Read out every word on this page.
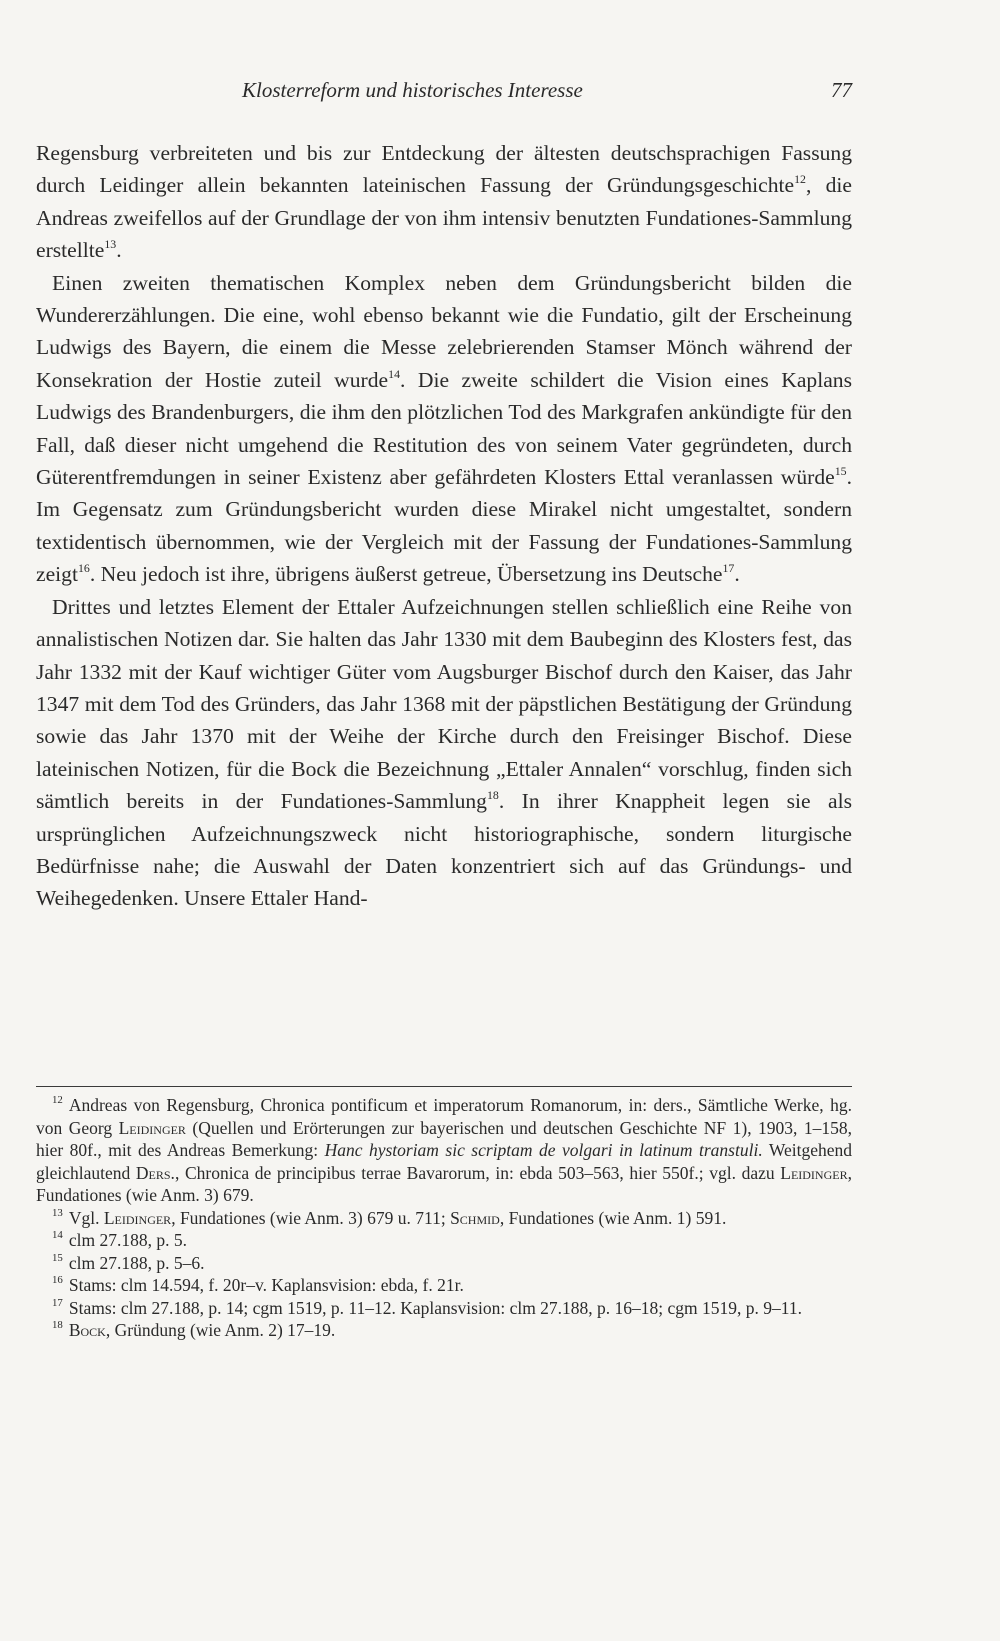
Klosterreform und historisches Interesse	77

Regensburg verbreiteten und bis zur Entdeckung der ältesten deutschsprachigen Fassung durch Leidinger allein bekannten lateinischen Fassung der Gründungsgeschichte$^{12}$, die Andreas zweifellos auf der Grundlage der von ihm intensiv benutzten Fundationes-Sammlung erstellte$^{13}$.

Einen zweiten thematischen Komplex neben dem Gründungsbericht bilden die Wundererzählungen. Die eine, wohl ebenso bekannt wie die Fundatio, gilt der Erscheinung Ludwigs des Bayern, die einem die Messe zelebrierenden Stamser Mönch während der Konsekration der Hostie zuteil wurde$^{14}$. Die zweite schildert die Vision eines Kaplans Ludwigs des Brandenburgers, die ihm den plötzlichen Tod des Markgrafen ankündigte für den Fall, daß dieser nicht umgehend die Restitution des von seinem Vater gegründeten, durch Güterentfremdungen in seiner Existenz aber gefährdeten Klosters Ettal veranlassen würde$^{15}$. Im Gegensatz zum Gründungsbericht wurden diese Mirakel nicht umgestaltet, sondern textidentisch übernommen, wie der Vergleich mit der Fassung der Fundationes-Sammlung zeigt$^{16}$. Neu jedoch ist ihre, übrigens äußerst getreue, Übersetzung ins Deutsche$^{17}$.

Drittes und letztes Element der Ettaler Aufzeichnungen stellen schließlich eine Reihe von annalistischen Notizen dar. Sie halten das Jahr 1330 mit dem Baubeginn des Klosters fest, das Jahr 1332 mit der Kauf wichtiger Güter vom Augsburger Bischof durch den Kaiser, das Jahr 1347 mit dem Tod des Gründers, das Jahr 1368 mit der päpstlichen Bestätigung der Gründung sowie das Jahr 1370 mit der Weihe der Kirche durch den Freisinger Bischof. Diese lateinischen Notizen, für die Bock die Bezeichnung „Ettaler Annalen“ vorschlug, finden sich sämtlich bereits in der Fundationes-Sammlung$^{18}$. In ihrer Knappheit legen sie als ursprünglichen Aufzeichnungszweck nicht historiographische, sondern liturgische Bedürfnisse nahe; die Auswahl der Daten konzentriert sich auf das Gründungs- und Weihegedenken. Unsere Ettaler Hand-

$^{12}$ Andreas von Regensburg, Chronica pontificum et imperatorum Romanorum, in: ders., Sämtliche Werke, hg. von Georg Leidinger (Quellen und Erörterungen zur bayerischen und deutschen Geschichte NF 1), 1903, 1–158, hier 80f., mit des Andreas Bemerkung: Hanc hystoriam sic scriptam de volgari in latinum transtuli. Weitgehend gleichlautend Ders., Chronica de principibus terrae Bavarorum, in: ebda 503–563, hier 550f.; vgl. dazu Leidinger, Fundationes (wie Anm. 3) 679.

$^{13}$ Vgl. Leidinger, Fundationes (wie Anm. 3) 679 u. 711; Schmid, Fundationes (wie Anm. 1) 591.

$^{14}$ clm 27.188, p. 5.

$^{15}$ clm 27.188, p. 5–6.

$^{16}$ Stams: clm 14.594, f. 20r–v. Kaplansvision: ebda, f. 21r.

$^{17}$ Stams: clm 27.188, p. 14; cgm 1519, p. 11–12. Kaplansvision: clm 27.188, p. 16–18; cgm 1519, p. 9–11.

$^{18}$ Bock, Gründung (wie Anm. 2) 17–19.
